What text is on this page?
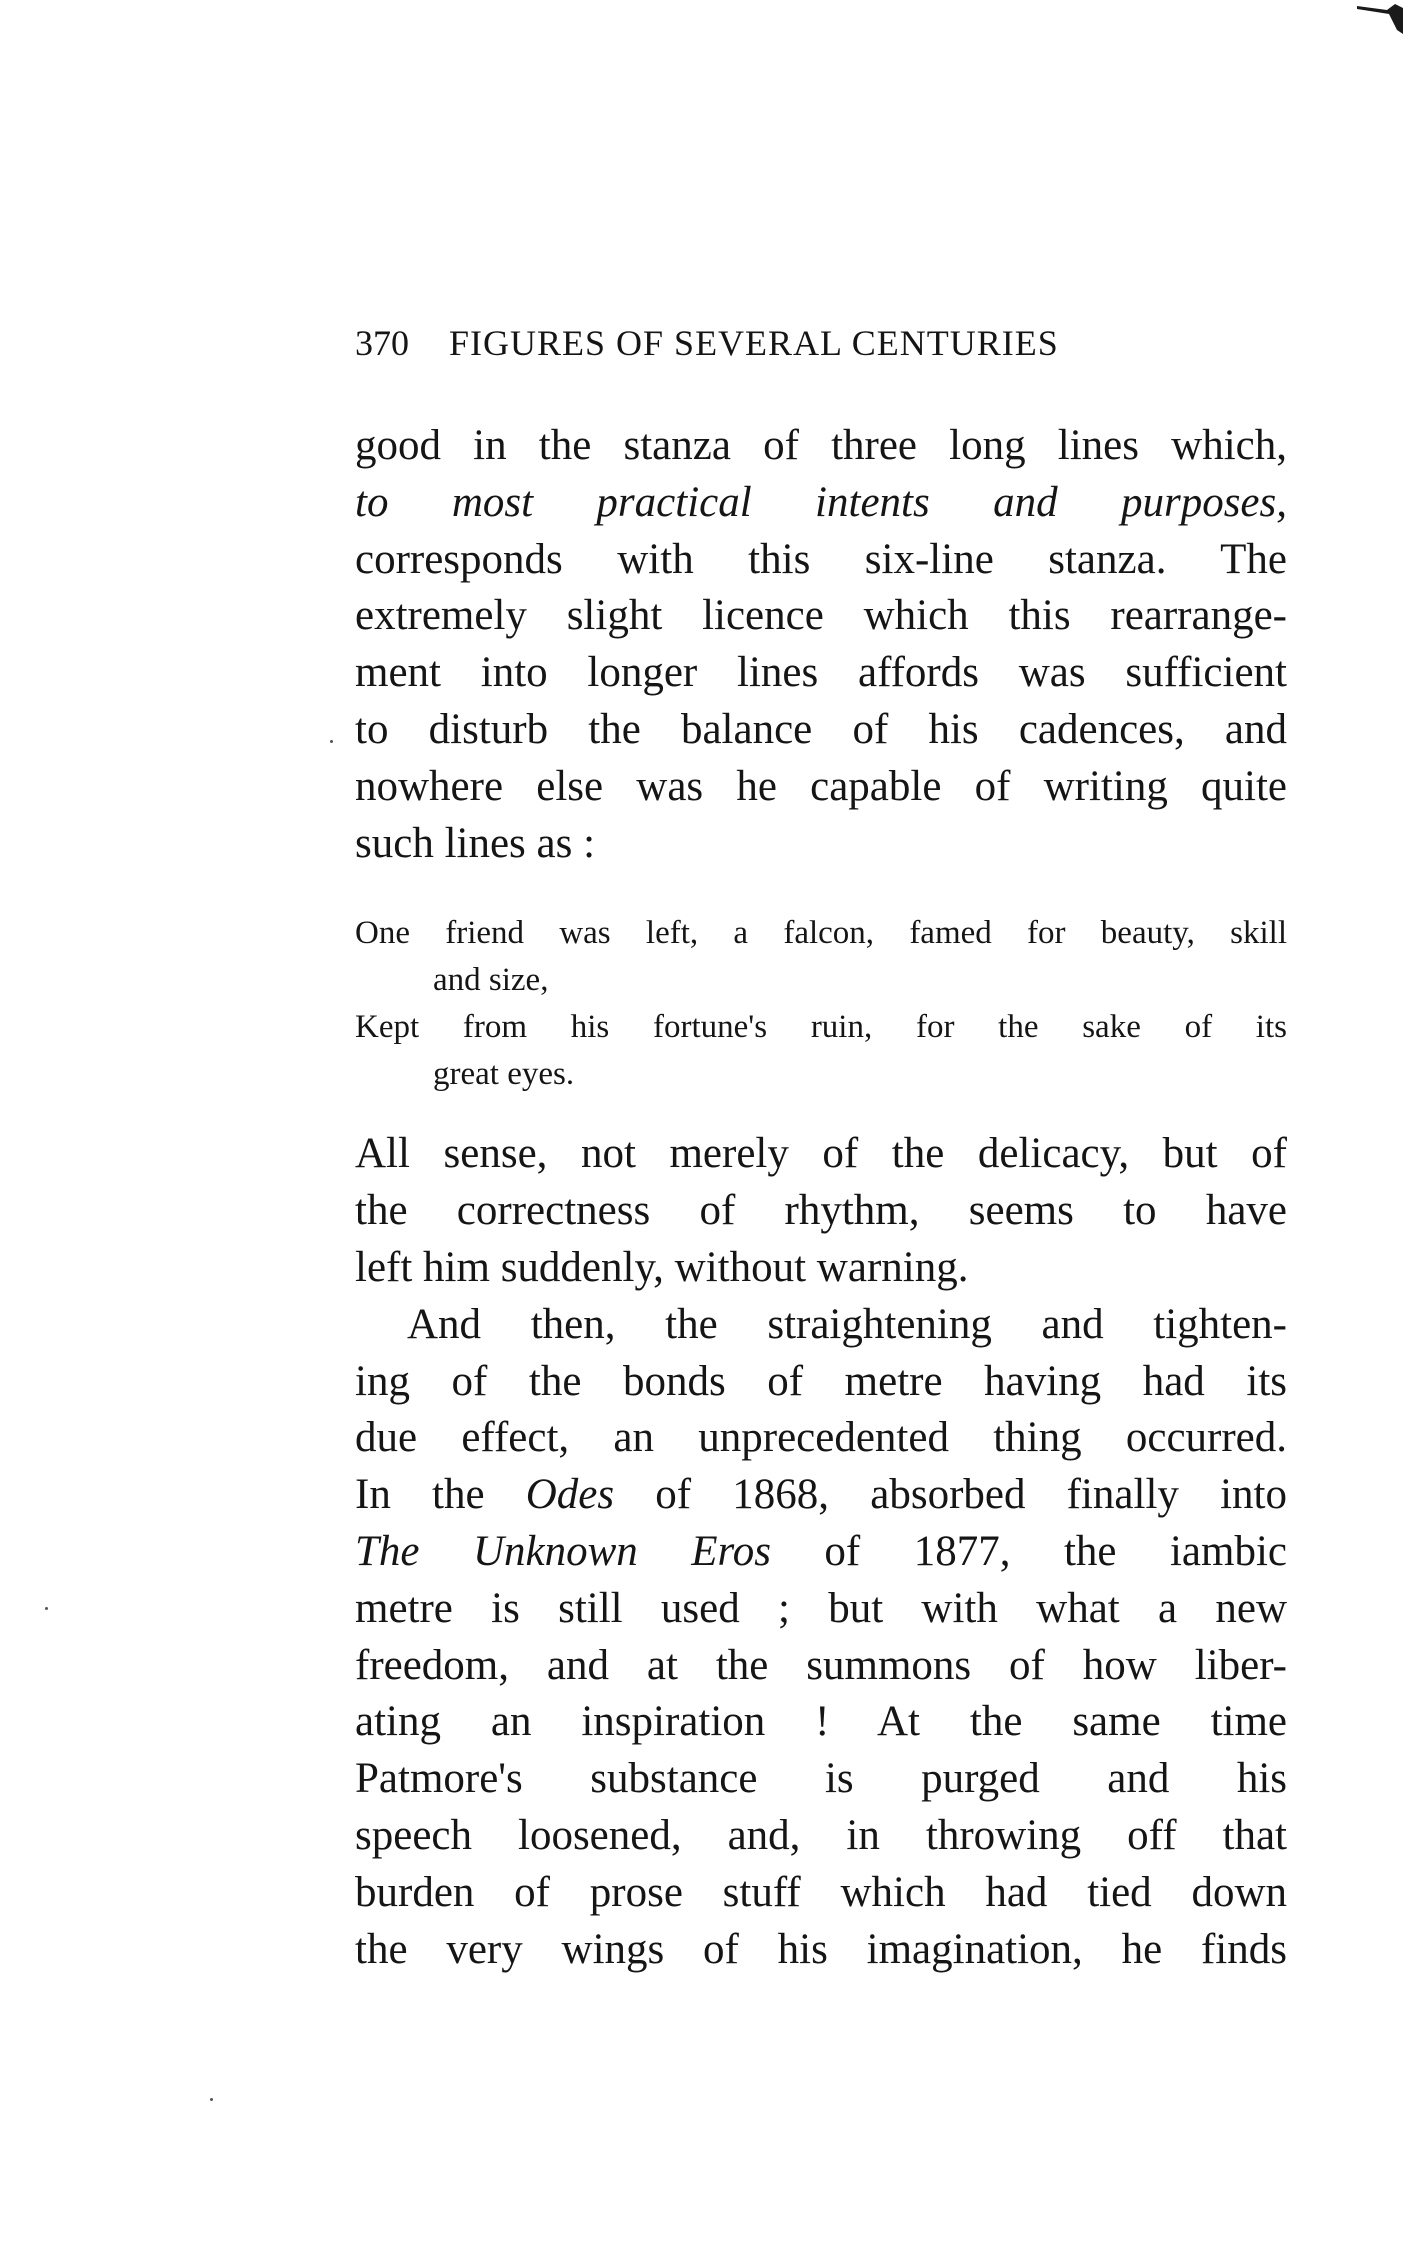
370 FIGURES OF SEVERAL CENTURIES
good in the stanza of three long lines which,
to most practical intents and purposes,
corresponds with this six-line stanza. The
extremely slight licence which this rearrange-
ment into longer lines affords was sufficient
to disturb the balance of his cadences, and
nowhere else was he capable of writing quite
such lines as :
One friend was left, a falcon, famed for beauty, skill
and size,
Kept from his fortune's ruin, for the sake of its
great eyes.
All sense, not merely of the delicacy, but of
the correctness of rhythm, seems to have
left him suddenly, without warning.
And then, the straightening and tighten-
ing of the bonds of metre having had its
due effect, an unprecedented thing occurred.
In the Odes of 1868, absorbed finally into
The Unknown Eros of 1877, the iambic
metre is still used ; but with what a new
freedom, and at the summons of how liber-
ating an inspiration ! At the same time
Patmore's substance is purged and his
speech loosened, and, in throwing off that
burden of prose stuff which had tied down
the very wings of his imagination, he finds
